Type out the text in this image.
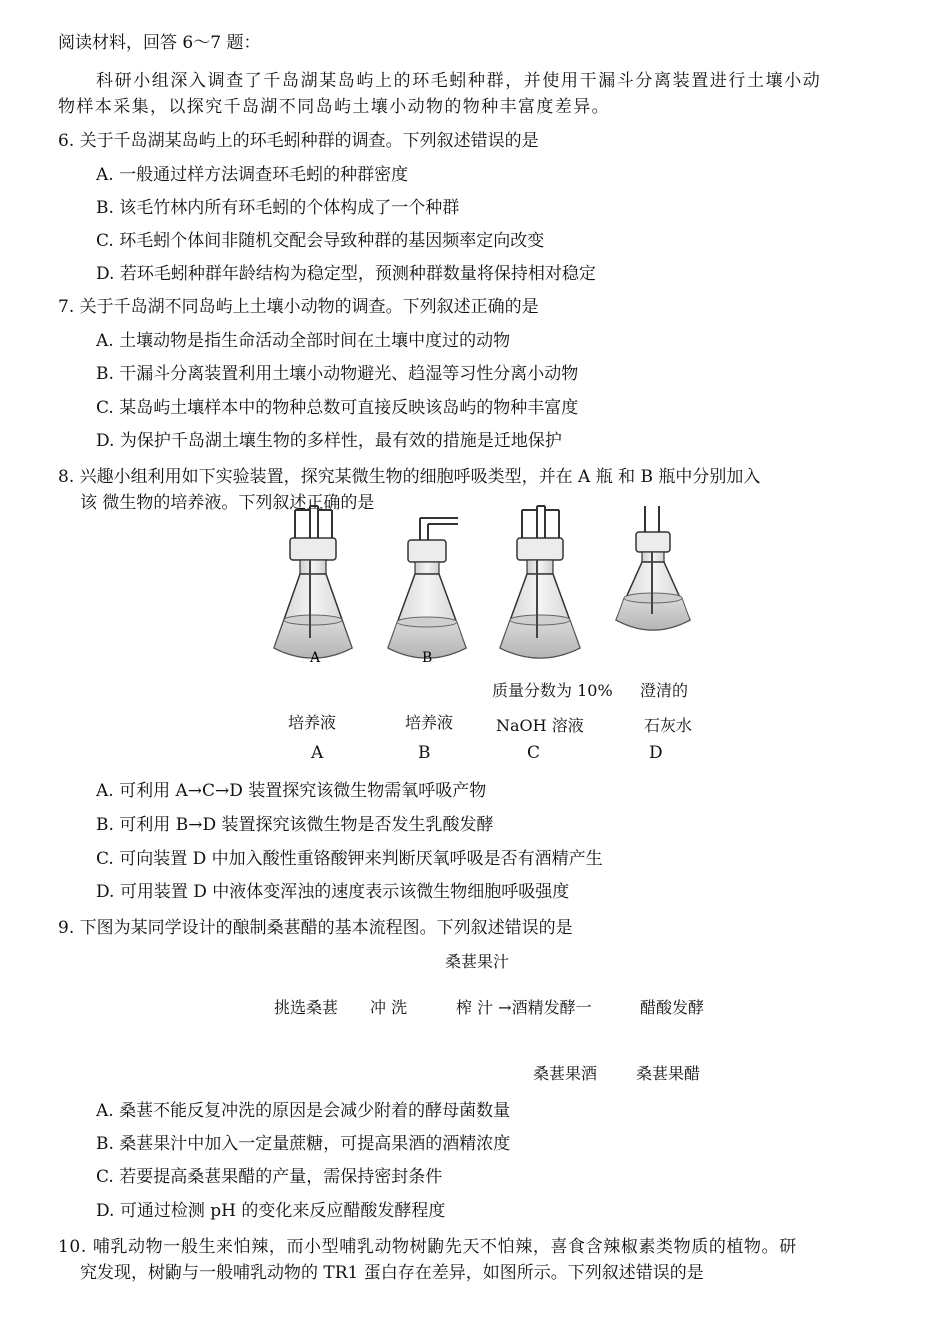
阅读材料，回答 6～7 题：
科研小组深入调查了千岛湖某岛屿上的环毛蚓种群，并使用干漏斗分离装置进行土壤小动
物样本采集，以探究千岛湖不同岛屿土壤小动物的物种丰富度差异。
6. 关于千岛湖某岛屿上的环毛蚓种群的调查。下列叙述错误的是
A. 一般通过样方法调查环毛蚓的种群密度
B. 该毛竹林内所有环毛蚓的个体构成了一个种群
C. 环毛蚓个体间非随机交配会导致种群的基因频率定向改变
D. 若环毛蚓种群年龄结构为稳定型，预测种群数量将保持相对稳定
7. 关于千岛湖不同岛屿上土壤小动物的调查。下列叙述正确的是
A. 土壤动物是指生命活动全部时间在土壤中度过的动物
B. 干漏斗分离装置利用土壤小动物避光、趋湿等习性分离小动物
C. 某岛屿土壤样本中的物种总数可直接反映该岛屿的物种丰富度
D. 为保护千岛湖土壤生物的多样性，最有效的措施是迁地保护
8. 兴趣小组利用如下实验装置，探究某微生物的细胞呼吸类型，并在 A 瓶 和 B 瓶中分别加入
该 微生物的培养液。下列叙述正确的是
A	B
培养液	培养液
质量分数为 10%
NaOH 溶液
澄清的
石灰水
A	B	C	D
A. 可利用 A→C→D 装置探究该微生物需氧呼吸产物
B. 可利用 B→D 装置探究该微生物是否发生乳酸发酵
C. 可向装置 D 中加入酸性重铬酸钾来判断厌氧呼吸是否有酒精产生
D. 可用装置 D 中液体变浑浊的速度表示该微生物细胞呼吸强度
9. 下图为某同学设计的酿制桑葚醋的基本流程图。下列叙述错误的是
桑葚果汁
挑选桑葚 冲 洗	榨 汁 →酒精发酵一	醋酸发酵
桑葚果酒 桑葚果醋
A. 桑葚不能反复冲洗的原因是会减少附着的酵母菌数量
B. 桑葚果汁中加入一定量蔗糖，可提高果酒的酒精浓度
C. 若要提高桑葚果醋的产量，需保持密封条件
D. 可通过检测 pH 的变化来反应醋酸发酵程度
10. 哺乳动物一般生来怕辣，而小型哺乳动物树鼩先天不怕辣，喜食含辣椒素类物质的植物。研
究发现，树鼩与一般哺乳动物的 TR1 蛋白存在差异，如图所示。下列叙述错误的是
